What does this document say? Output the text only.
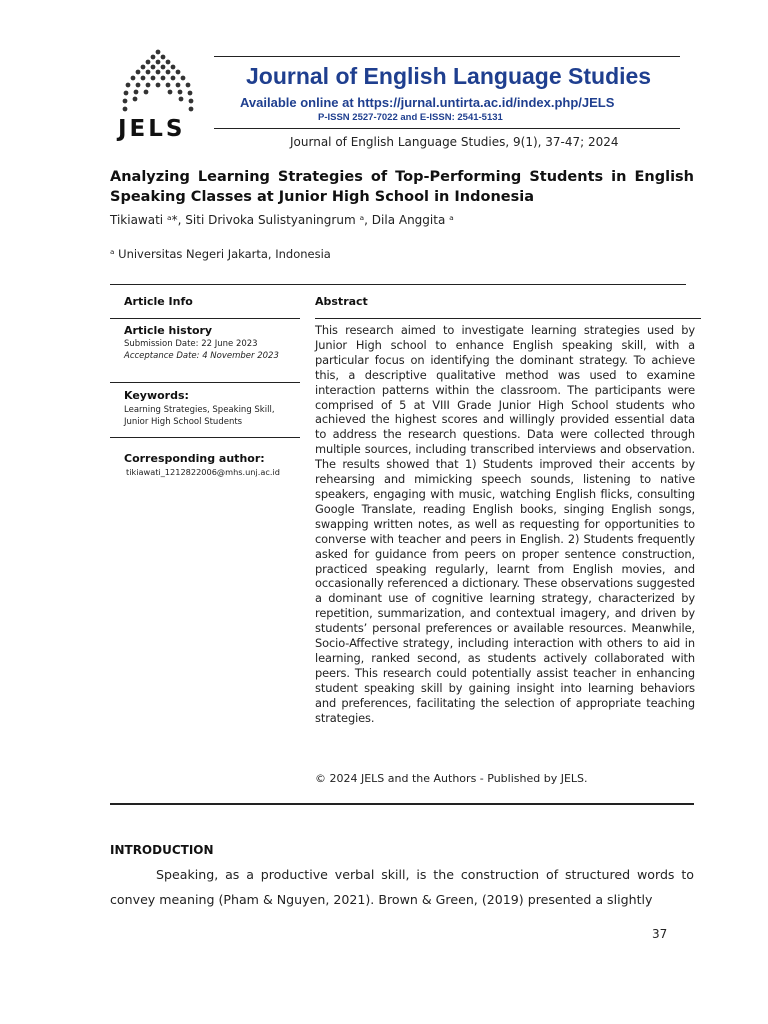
JELS
Journal of English Language Studies
Available online at https://jurnal.untirta.ac.id/index.php/JELS
P-ISSN 2527-7022 and E-ISSN: 2541-5131
Journal of English Language Studies, 9(1), 37-47; 2024
Analyzing Learning Strategies of Top-Performing Students in English Speaking Classes at Junior High School in Indonesia
Tikiawati ᵃ*, Siti Drivoka Sulistyaningrum ᵃ, Dila Anggita ᵃ
ᵃ Universitas Negeri Jakarta, Indonesia
Article Info
Article history
Submission Date: 22 June 2023
Acceptance Date: 4 November 2023
Keywords:
Learning Strategies, Speaking Skill, Junior High School Students
Corresponding author:
tikiawati_1212822006@mhs.unj.ac.id
Abstract

This research aimed to investigate learning strategies used by Junior High school to enhance English speaking skill, with a particular focus on identifying the dominant strategy. To achieve this, a descriptive qualitative method was used to examine interaction patterns within the classroom. The participants were comprised of 5 at VIII Grade Junior High School students who achieved the highest scores and willingly provided essential data to address the research questions. Data were collected through multiple sources, including transcribed interviews and observation. The results showed that 1) Students improved their accents by rehearsing and mimicking speech sounds, listening to native speakers, engaging with music, watching English flicks, consulting Google Translate, reading English books, singing English songs, swapping written notes, as well as requesting for opportunities to converse with teacher and peers in English. 2) Students frequently asked for guidance from peers on proper sentence construction, practiced speaking regularly, learnt from English movies, and occasionally referenced a dictionary. These observations suggested a dominant use of cognitive learning strategy, characterized by repetition, summarization, and contextual imagery, and driven by students’ personal preferences or available resources. Meanwhile, Socio-Affective strategy, including interaction with others to aid in learning, ranked second, as students actively collaborated with peers. This research could potentially assist teacher in enhancing student speaking skill by gaining insight into learning behaviors and preferences, facilitating the selection of appropriate teaching strategies.

© 2024 JELS and the Authors - Published by JELS.
INTRODUCTION

Speaking, as a productive verbal skill, is the construction of structured words to convey meaning (Pham & Nguyen, 2021). Brown & Green, (2019) presented a slightly

37
